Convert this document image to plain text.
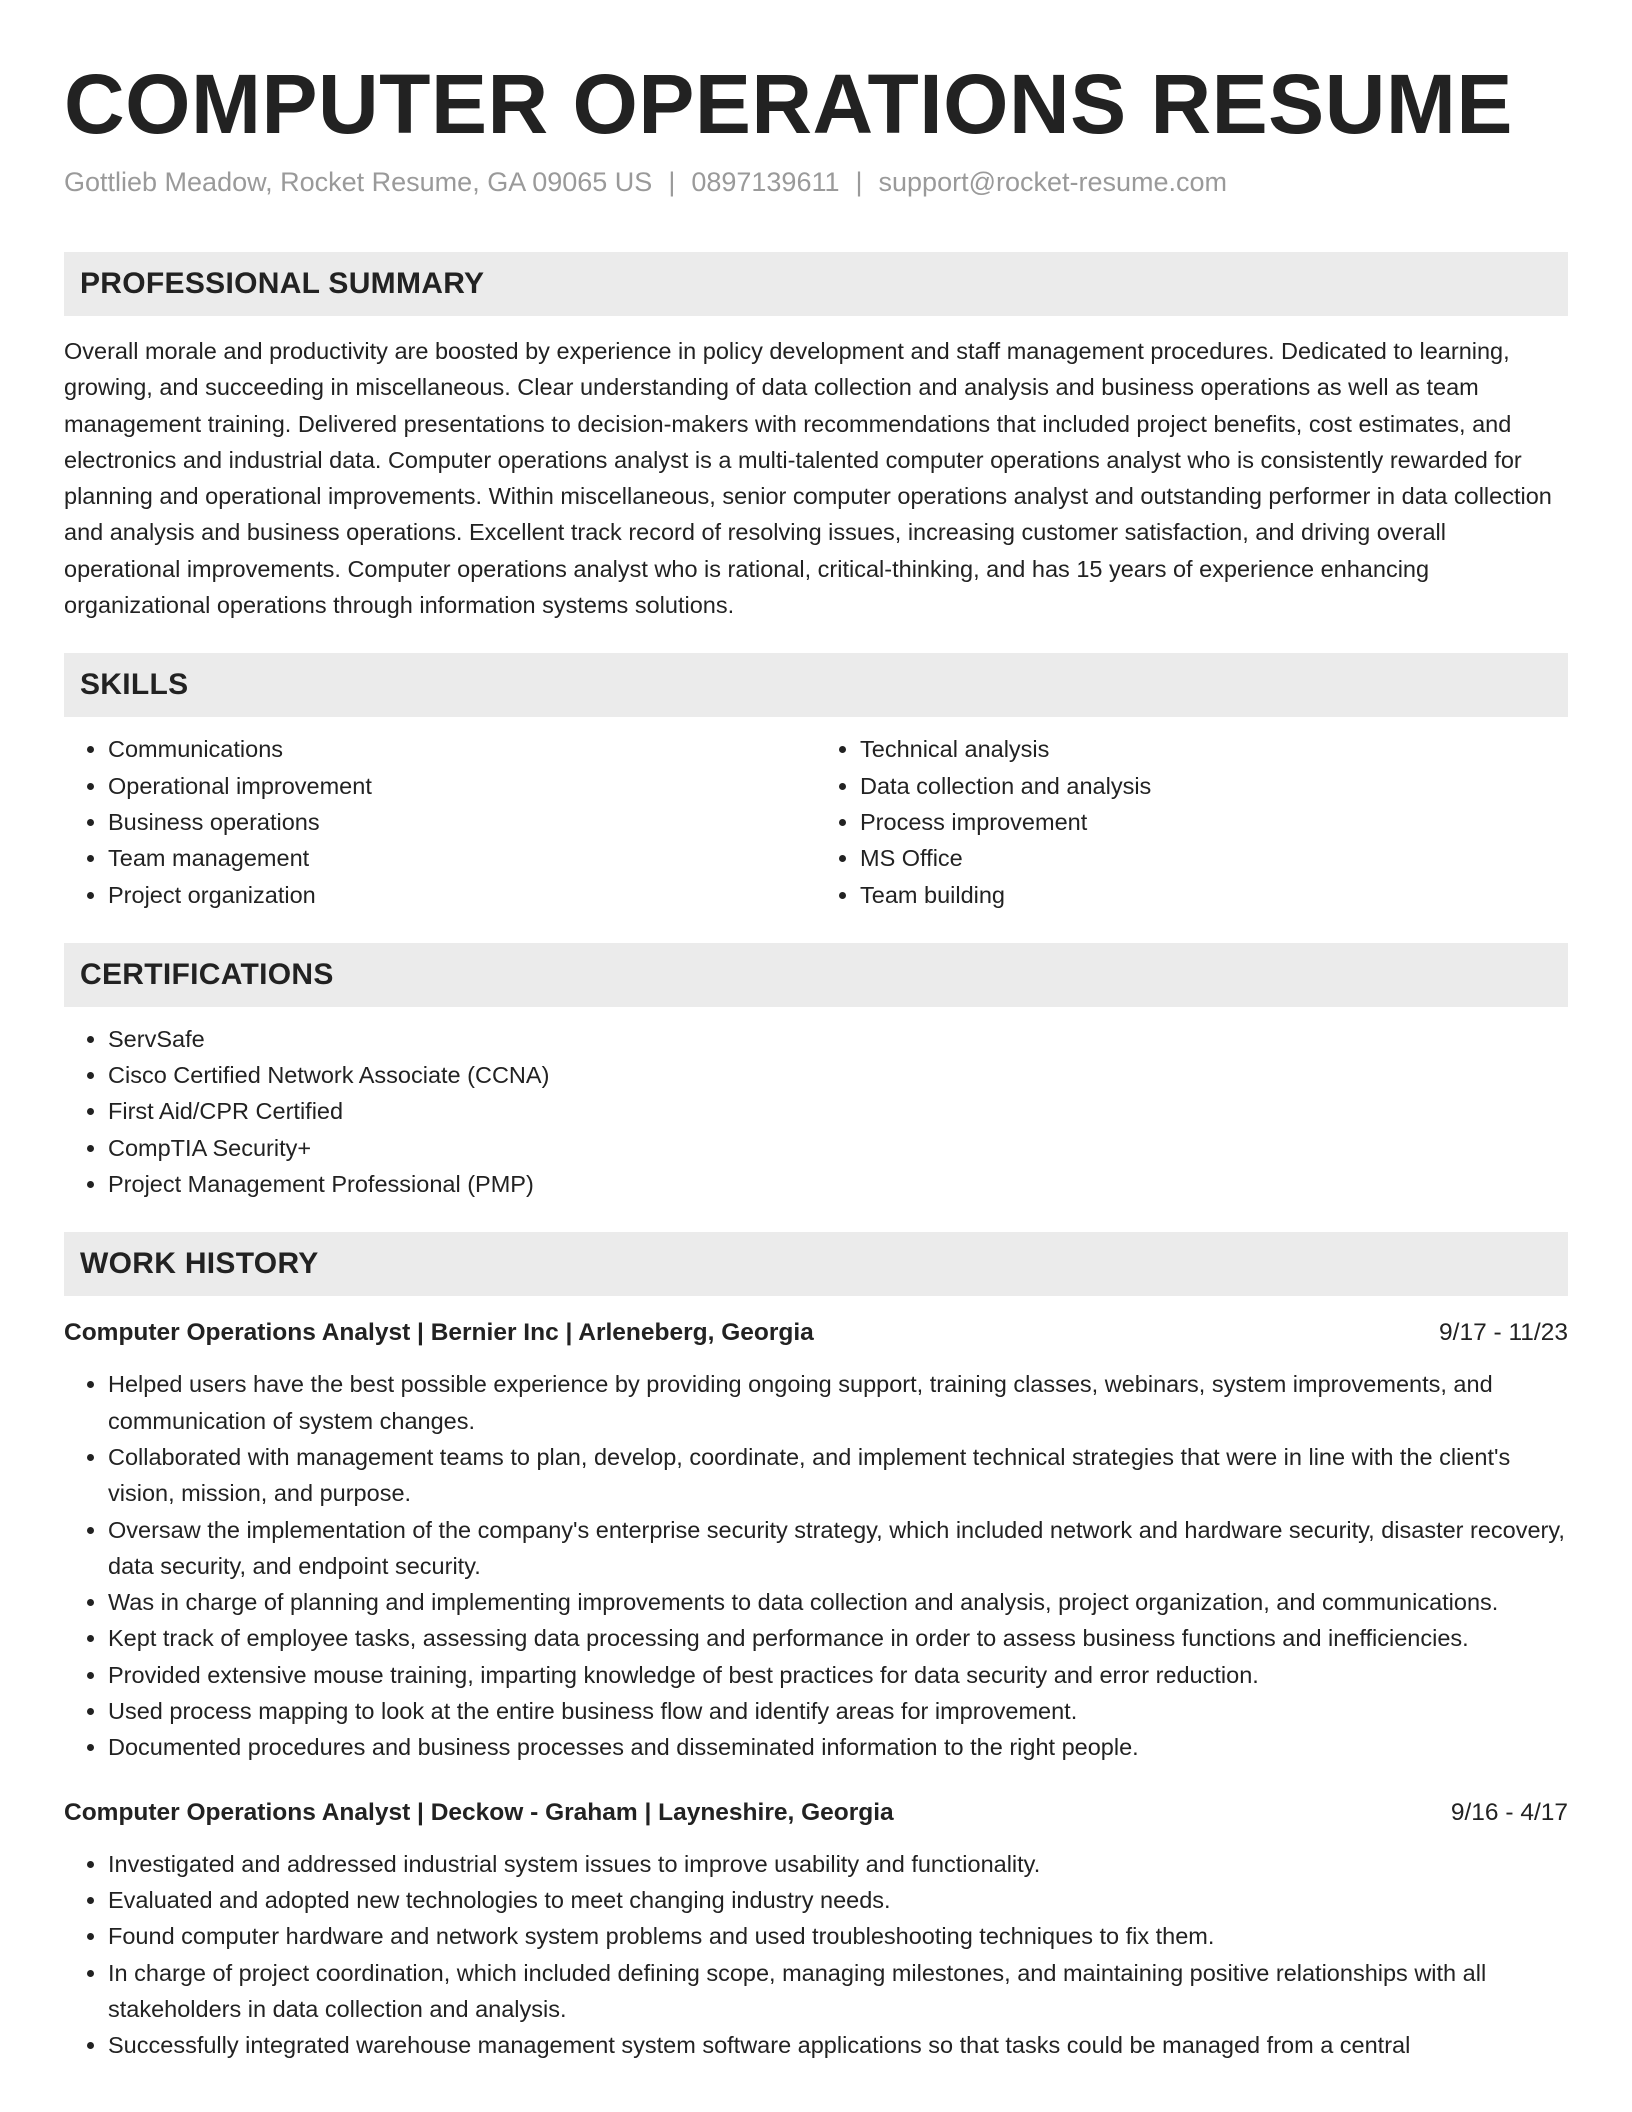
COMPUTER OPERATIONS RESUME
Gottlieb Meadow, Rocket Resume, GA 09065 US | 0897139611 | support@rocket-resume.com
PROFESSIONAL SUMMARY

Overall morale and productivity are boosted by experience in policy development and staff management procedures. Dedicated to learning, growing, and succeeding in miscellaneous. Clear understanding of data collection and analysis and business operations as well as team management training. Delivered presentations to decision-makers with recommendations that included project benefits, cost estimates, and electronics and industrial data. Computer operations analyst is a multi-talented computer operations analyst who is consistently rewarded for planning and operational improvements. Within miscellaneous, senior computer operations analyst and outstanding performer in data collection and analysis and business operations. Excellent track record of resolving issues, increasing customer satisfaction, and driving overall operational improvements. Computer operations analyst who is rational, critical-thinking, and has 15 years of experience enhancing organizational operations through information systems solutions.

SKILLS
• Communications
• Operational improvement
• Business operations
• Team management
• Project organization
• Technical analysis
• Data collection and analysis
• Process improvement
• MS Office
• Team building
CERTIFICATIONS
• ServSafe
• Cisco Certified Network Associate (CCNA)
• First Aid/CPR Certified
• CompTIA Security+
• Project Management Professional (PMP)
WORK HISTORY
Computer Operations Analyst | Bernier Inc | Arleneberg, Georgia	9/17 - 11/23
• Helped users have the best possible experience by providing ongoing support, training classes, webinars, system improvements, and communication of system changes.
• Collaborated with management teams to plan, develop, coordinate, and implement technical strategies that were in line with the client's vision, mission, and purpose.
• Oversaw the implementation of the company's enterprise security strategy, which included network and hardware security, disaster recovery, data security, and endpoint security.
• Was in charge of planning and implementing improvements to data collection and analysis, project organization, and communications.
• Kept track of employee tasks, assessing data processing and performance in order to assess business functions and inefficiencies.
• Provided extensive mouse training, imparting knowledge of best practices for data security and error reduction.
• Used process mapping to look at the entire business flow and identify areas for improvement.
• Documented procedures and business processes and disseminated information to the right people.
Computer Operations Analyst | Deckow - Graham | Layneshire, Georgia	9/16 - 4/17
• Investigated and addressed industrial system issues to improve usability and functionality.
• Evaluated and adopted new technologies to meet changing industry needs.
• Found computer hardware and network system problems and used troubleshooting techniques to fix them.
• In charge of project coordination, which included defining scope, managing milestones, and maintaining positive relationships with all stakeholders in data collection and analysis.
• Successfully integrated warehouse management system software applications so that tasks could be managed from a central
